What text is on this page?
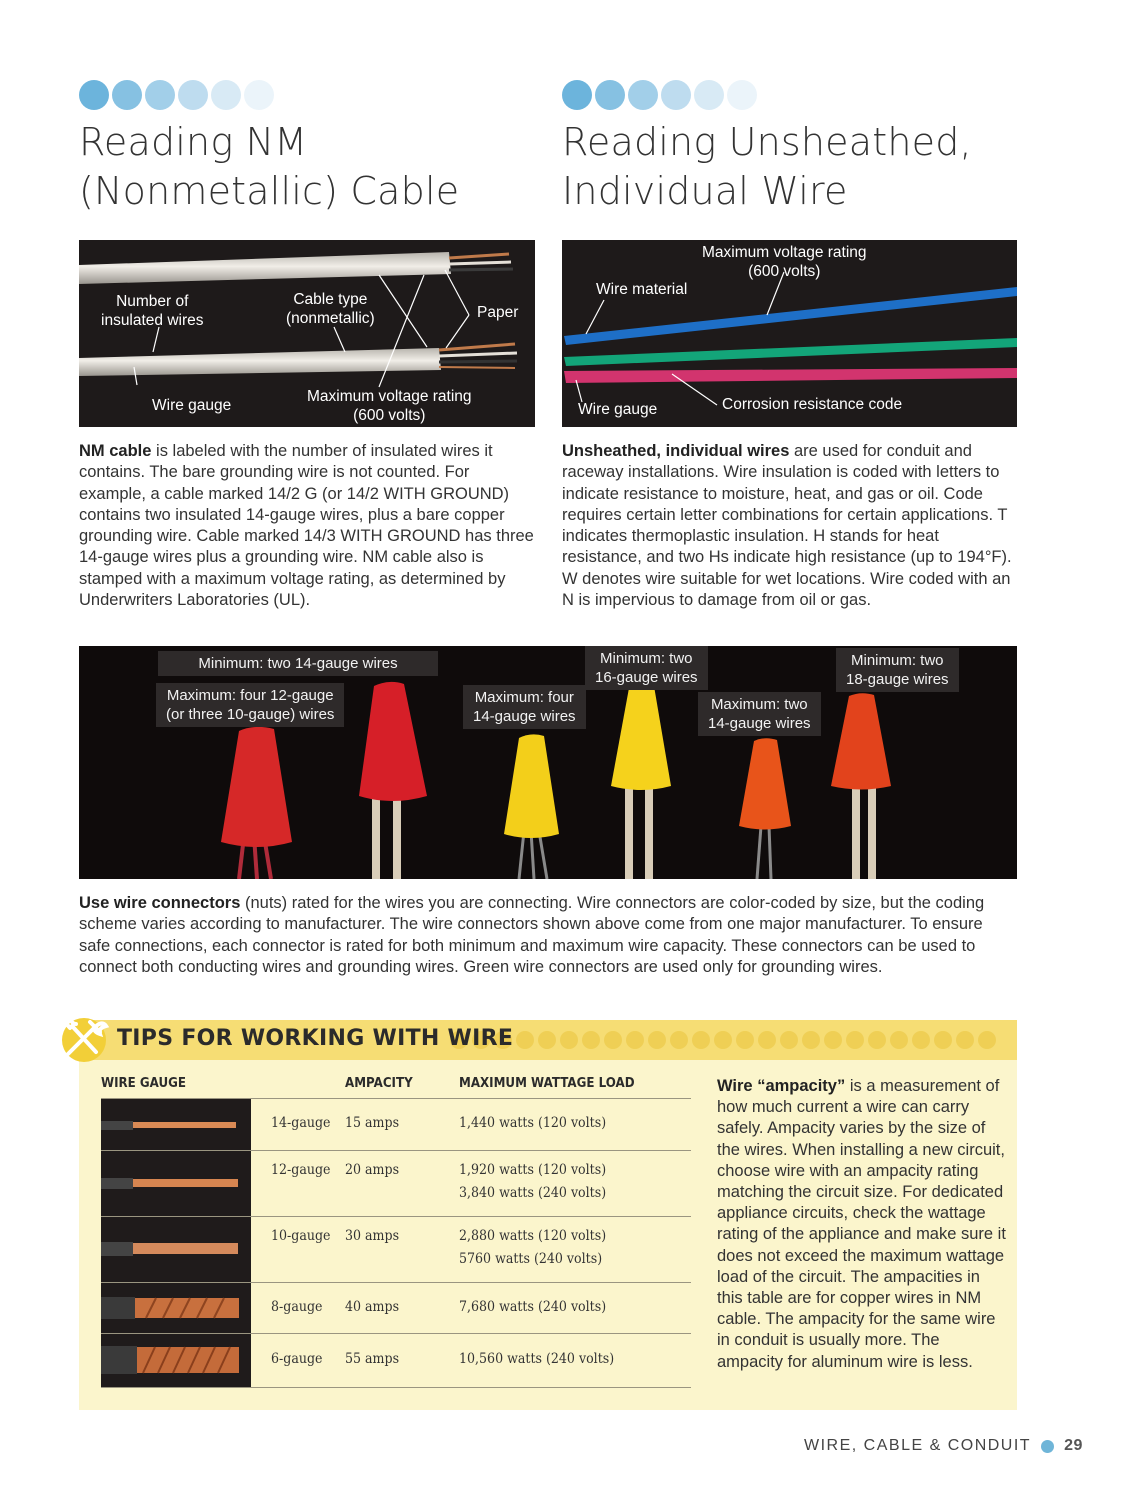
Reading NM
(Nonmetallic) Cable
Reading Unsheathed,
Individual Wire
Number of
insulated wires
Cable type
(nonmetallic)	Paper
Wire gauge
Maximum voltage rating
(600 volts)
Maximum voltage rating
(600 volts)
Wire material
Wire gauge	Corrosion resistance code

NM cable is labeled with the number of insulated wires it contains. The bare grounding wire is not counted. For example, a cable marked 14/2 G (or 14/2 WITH GROUND) contains two insulated 14-gauge wires, plus a bare copper grounding wire. Cable marked 14/3 WITH GROUND has three 14-gauge wires plus a grounding wire. NM cable also is stamped with a maximum voltage rating, as determined by Underwriters Laboratories (UL).

Unsheathed, individual wires are used for conduit and raceway installations. Wire insulation is coded with letters to indicate resistance to moisture, heat, and gas or oil. Code requires certain letter combinations for certain applications. T indicates thermoplastic insulation. H stands for heat resistance, and two Hs indicate high resistance (up to 194°F). W denotes wire suitable for wet locations. Wire coded with an N is impervious to damage from oil or gas.

Minimum: two 14-gauge wires
Maximum: four 12-gauge
(or three 10-gauge) wires
Maximum: four
14-gauge wires
Minimum: two
16-gauge wires
Maximum: two
14-gauge wires
Minimum: two
18-gauge wires

Use wire connectors (nuts) rated for the wires you are connecting. Wire connectors are color-coded by size, but the coding scheme varies according to manufacturer. The wire connectors shown above come from one major manufacturer. To ensure safe connections, each connector is rated for both minimum and maximum wire capacity. These connectors can be used to connect both conducting wires and grounding wires. Green wire connectors are used only for grounding wires.

TIPS FOR WORKING WITH WIRE
WIRE GAUGE	AMPACITY	MAXIMUM WATTAGE LOAD
14-gauge 15 amps	1,440 watts (120 volts)
12-gauge 20 amps	1,920 watts (120 volts)
3,840 watts (240 volts)
10-gauge 30 amps	2,880 watts (120 volts)
5760 watts (240 volts)
8-gauge 40 amps	7,680 watts (240 volts)
6-gauge 55 amps	10,560 watts (240 volts)

Wire “ampacity” is a measurement of how much current a wire can carry safely. Ampacity varies by the size of the wires. When installing a new circuit, choose wire with an ampacity rating matching the circuit size. For dedicated appliance circuits, check the wattage rating of the appliance and make sure it does not exceed the maximum wattage load of the circuit. The ampacities in this table are for copper wires in NM cable. The ampacity for the same wire in conduit is usually more. The ampacity for aluminum wire is less.

WIRE, CABLE & CONDUIT 29
